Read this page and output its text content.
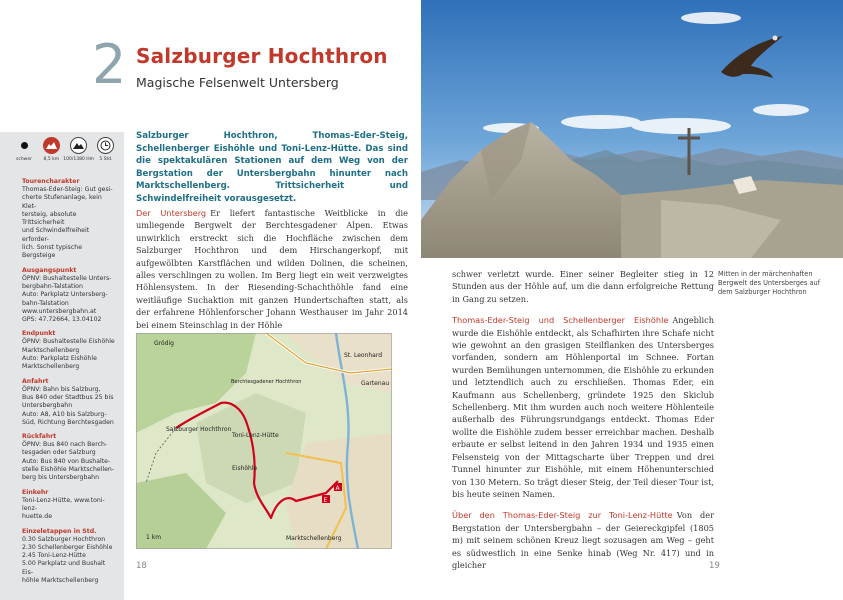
2 Salzburger Hochthron
Magische Felsenwelt Untersberg
schwer	8,5 km 100/1380 Hm 5 Std.
Tourencharakter
Thomas-Eder-Steig: Gut gesi-
cherte Stufenanlage, kein Klet-
tersteig, absolute Trittsicherheit
und Schwindelfreiheit erforder-
lich. Sonst typische Bergsteige
Ausgangspunkt
ÖPNV: Bushaltestelle Unters-
bergbahn-Talstation
Auto: Parkplatz Untersberg-
bahn-Talstation
www.untersbergbahn.at
GPS: 47.72664, 13.04102
Endpunkt
ÖPNV: Bushaltestelle Eishöhle
Marktschellenberg
Auto: Parkplatz Eishöhle
Marktschellenberg
Anfahrt
ÖPNV: Bahn bis Salzburg,
Bus 840 oder Stadtbus 25 bis
Untersbergbahn
Auto: A8, A10 bis Salzburg-
Süd, Richtung Berchtesgaden
Rückfahrt
ÖPNV: Bus 840 nach Berch-
tesgaden oder Salzburg
Auto: Bus 840 von Bushalte-
stelle Eishöhle Marktschellen-
berg bis Untersbergbahn
Einkehr
Toni-Lenz-Hütte, www.toni-lenz-
huette.de
Einzeletappen in Std.
0.30 Salzburger Hochthron
2.30 Schellenberger Eishöhle
2.45 Toni-Lenz-Hütte
5.00 Parkplatz und Bushalt Eis-
höhle Marktschellenberg
Salzburger Hochthron, Thomas-Eder-Steig, Schellenberger Eishöhle und Toni-Lenz-Hütte. Das sind die spektakulären Stationen auf dem Weg von der Bergstation der Untersbergbahn hinunter nach Marktschellenberg. Trittsicherheit und Schwindelfreiheit vorausgesetzt.
Der Untersberg Er liefert fantastische Weitblicke in die umliegende Bergwelt der Berchtesgadener Alpen. Etwas unwirklich erstreckt sich die Hochfläche zwischen dem Salzburger Hochthron und dem Hirschangerkopf, mit aufgewölbten Karstflächen und wilden Dolinen, die scheinen, alles verschlingen zu wollen. Im Berg liegt ein weit verzweigtes Höhlensystem. In der Riesending-Schachthöhle fand eine weitläufige Suchaktion mit ganzen Hundertschaften statt, als der erfahrene Höhlenforscher Johann Westhauser im Jahr 2014 bei einem Steinschlag in der Höhle
Salzburger Hochthron
Marktschellenberg
Toni-Lenz-Hütte
Eishöhle
St. Leonhard
Grödig
Gartenau
Berchtesgadener Hochthron
1 km
A
E
18

schwer verletzt wurde. Einer seiner Begleiter stieg in 12 Stunden aus der Höhle auf, um die dann erfolgreiche Rettung in Gang zu setzen.

Thomas-Eder-Steig und Schellenberger Eishöhle Angeblich wurde die Eishöhle entdeckt, als Schafhirten ihre Schafe nicht wie gewohnt an den grasigen Steilflanken des Untersberges vorfanden, sondern am Höhlenportal im Schnee. Fortan wurden Bemühungen unternommen, die Eishöhle zu erkunden und letztendlich auch zu erschließen. Thomas Eder, ein Kaufmann aus Schellenberg, gründete 1925 den Skiclub Schellenberg. Mit ihm wurden auch noch weitere Höhlenteile außerhalb des Führungsrundgangs entdeckt. Thomas Eder wollte die Eishöhle zudem besser erreichbar machen. Deshalb erbaute er selbst leitend in den Jahren 1934 und 1935 einen Felsensteig von der Mittagscharte über Treppen und drei Tunnel hinunter zur Eishöhle, mit einem Höhenunterschied von 130 Metern. So trägt dieser Steig, der Teil dieser Tour ist, bis heute seinen Namen.

Über den Thomas-Eder-Steig zur Toni-Lenz-Hütte Von der Bergstation der Untersbergbahn – der Geiereckgipfel (1805 m) mit seinem schönen Kreuz liegt sozusagen am Weg – geht es südwestlich in eine Senke hinab (Weg Nr. 417) und in gleicher

Mitten in der märchenhaften Bergwelt des Untersberges auf dem Salzburger Hochthron
19
